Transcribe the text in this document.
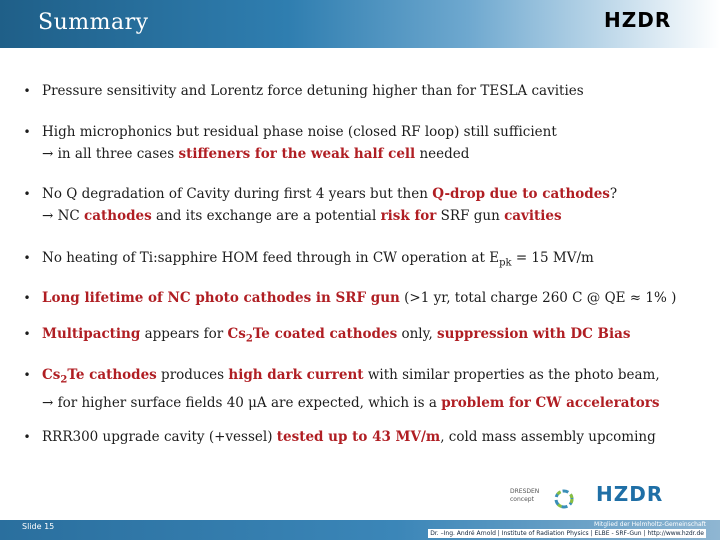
Summary	HZDR
• Pressure sensitivity and Lorentz force detuning higher than for TESLA cavities
• High microphonics but residual phase noise (closed RF loop) still sufficient
→ in all three cases stiffeners for the weak half cell needed
• No Q degradation of Cavity during first 4 years but then Q-drop due to cathodes?
→ NC cathodes and its exchange are a potential risk for SRF gun cavities
• No heating of Ti:sapphire HOM feed through in CW operation at $E_{pk} = 15$ MV/m
• Long lifetime of NC photo cathodes in SRF gun (>1 yr, total charge 260 C @ QE ≈ 1% )
• Multipacting appears for $Cs_2Te$ coated cathodes only, suppression with DC Bias
• $Cs_2Te$ cathodes produces high dark current with similar properties as the photo beam,
→ for higher surface fields 40 μA are expected, which is a problem for CW accelerators
• RRR300 upgrade cavity (+vessel) tested up to 43 MV/m, cold mass assembly upcoming
DRESDEN
concept	HZDR
Slide 15	Mitglied der Helmholtz-Gemeinschaft
Dr. –Ing. André Arnold | Institute of Radiation Physics | ELBE - SRF-Gun | http://www.hzdr.de
